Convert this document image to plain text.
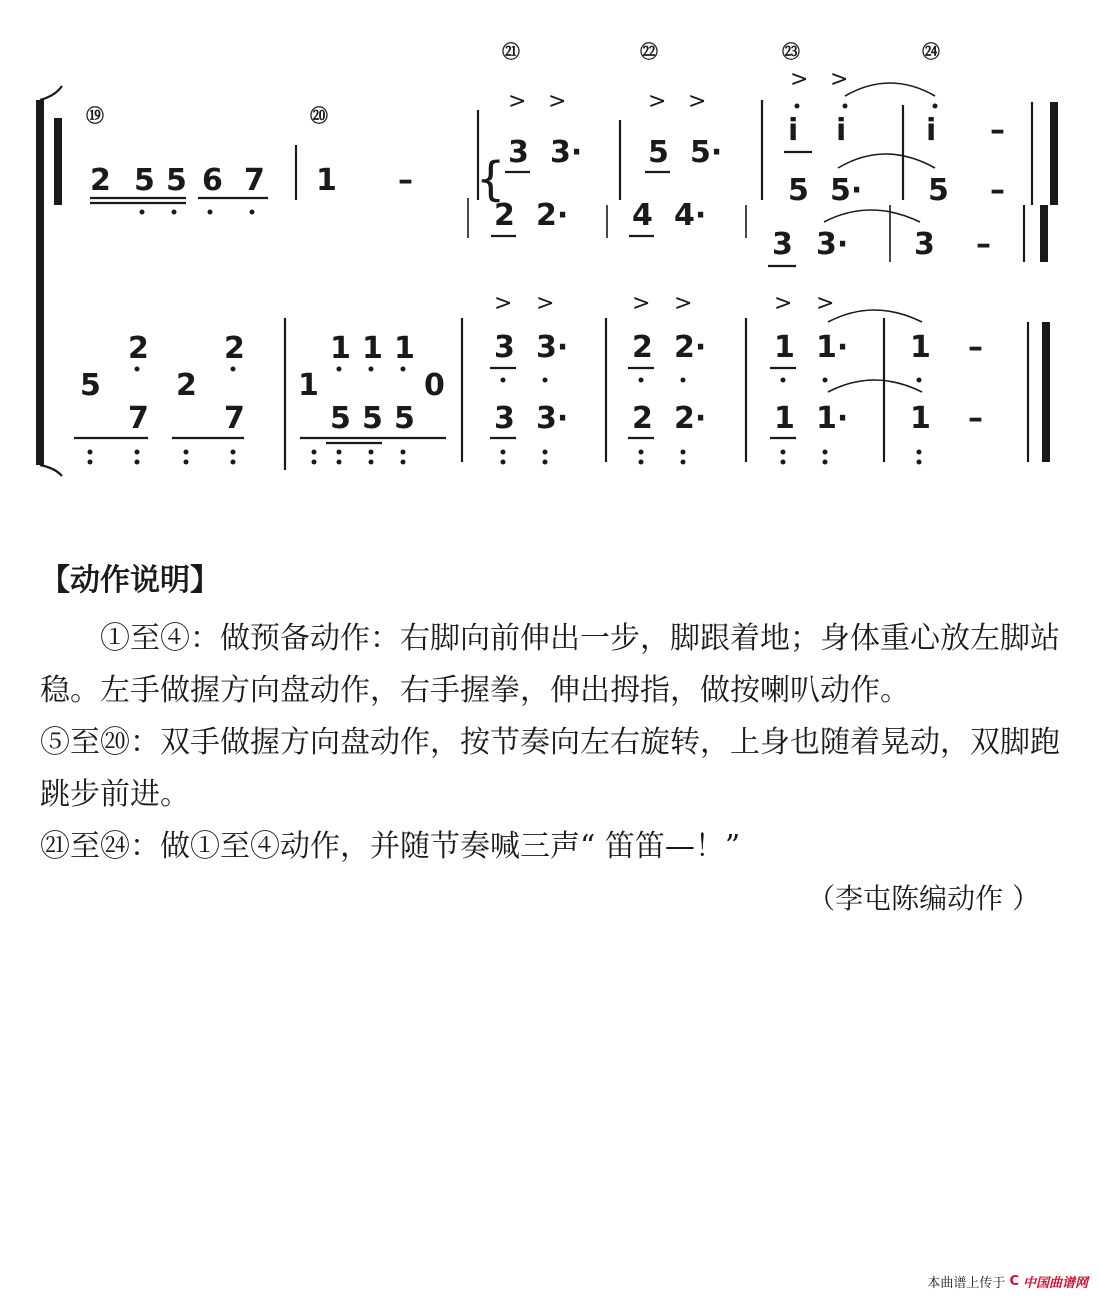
⑲	⑳
㉑	㉒	㉓	㉔
> >	> >
> >
2 5 5 6 7 1 – { 3 3· 5 5·
2 2· 4 4·
i i	i –
5 5· 5 –
3 3· 3 –
> >	> >	> >
2	2
5	2
7	7
1 1 1
1	0
5 5 5
3 3· 2 2·
3 3· 2 2·
1 1· 1 –
1 1· 1 –

【动作说明】

①至④：做预备动作：右脚向前伸出一步，脚跟着地；身体重心放左脚站稳。左手做握方向盘动作，右手握拳，伸出拇指，做按喇叭动作。

⑤至⑳：双手做握方向盘动作，按节奏向左右旋转，上身也随着晃动，双脚跑跳步前进。

㉑至㉔：做①至④动作，并随节奏喊三声“ 笛笛—！”

（李屯陈编动作 ）

本曲谱上传于 C 中国曲谱网
